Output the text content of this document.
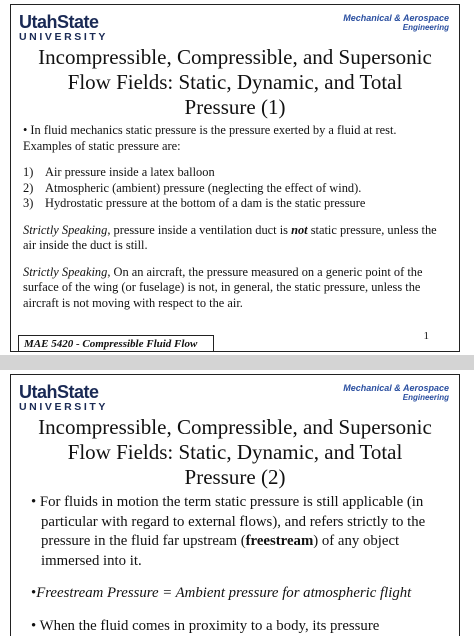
UtahState
UNIVERSITY
Mechanical & Aerospace
Engineering
Incompressible, Compressible, and Supersonic Flow Fields: Static, Dynamic, and Total Pressure (1)

• In fluid mechanics static pressure is the pressure exerted by a fluid at rest. Examples of static pressure are:

1) Air pressure inside a latex balloon
2) Atmospheric (ambient) pressure (neglecting the effect of wind).
3) Hydrostatic pressure at the bottom of a dam is the static pressure

Strictly Speaking, pressure inside a ventilation duct is not static pressure, unless the air inside the duct is still.

Strictly Speaking, On an aircraft, the pressure measured on a generic point of the surface of the wing (or fuselage) is not, in general, the static pressure, unless the aircraft is not moving with respect to the air.

1
MAE 5420 - Compressible Fluid Flow
UtahState
UNIVERSITY
Mechanical & Aerospace
Engineering
Incompressible, Compressible, and Supersonic Flow Fields: Static, Dynamic, and Total Pressure (2)

• For fluids in motion the term static pressure is still applicable (in particular with regard to external flows), and refers strictly to the pressure in the fluid far upstream (freestream) of any object immersed into it.

•Freestream Pressure = Ambient pressure for atmospheric flight

• When the fluid comes in proximity to a body, its pressure
